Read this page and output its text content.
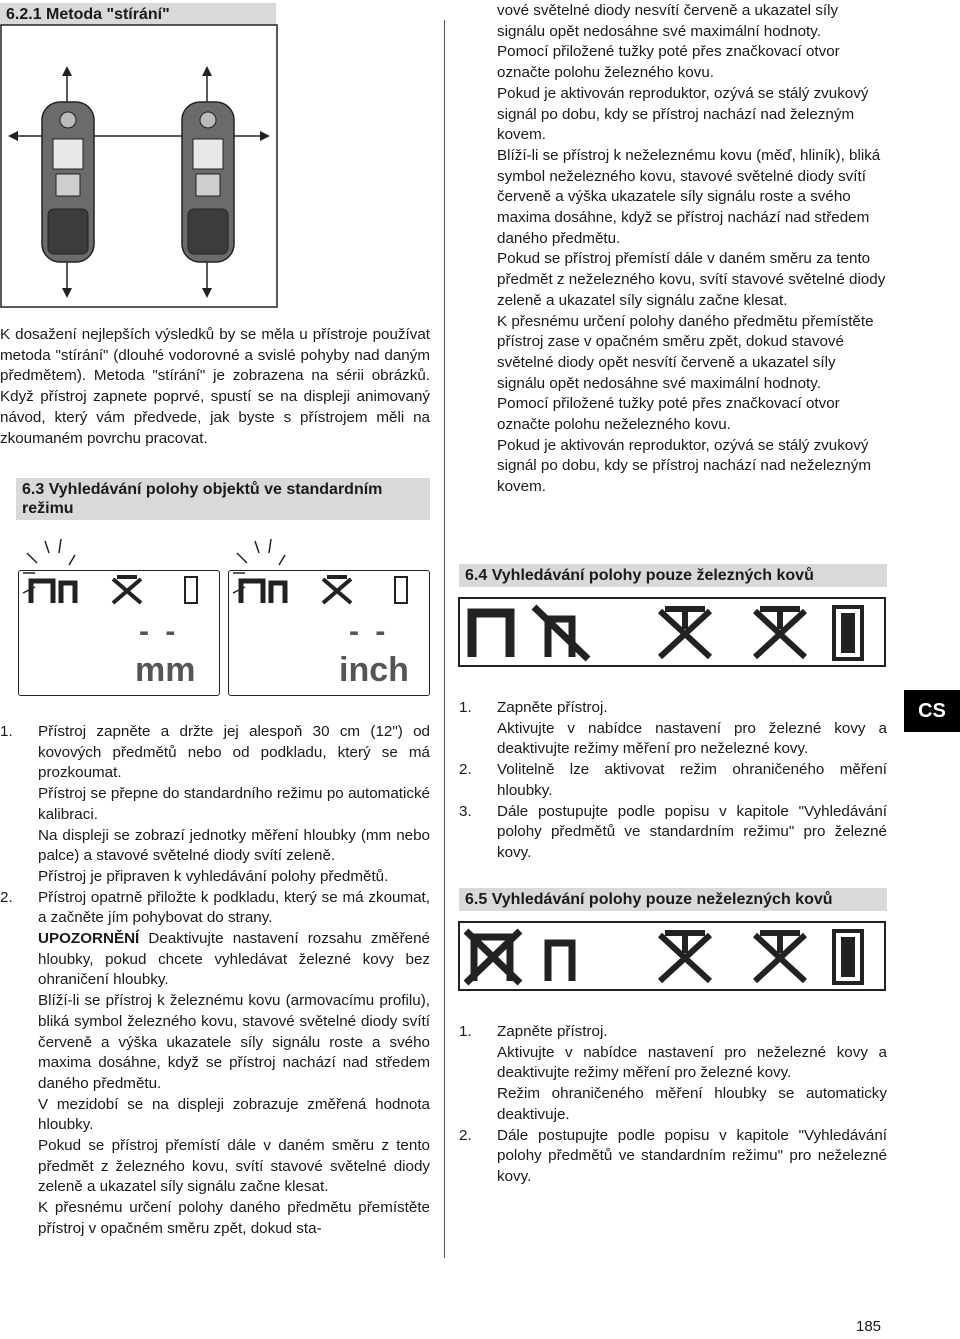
6.2.1 Metoda "stírání"

K dosažení nejlepších výsledků by se měla u přístroje používat metoda "stírání" (dlouhé vodorovné a svislé pohyby nad daným předmětem). Metoda "stírání" je zobrazena na sérii obrázků. Když přístroj zapnete poprvé, spustí se na displeji animovaný návod, který vám předvede, jak byste s přístrojem měli na zkoumaném povrchu pracovat.

6.3 Vyhledávání polohy objektů ve standardním režimu
- -
mm
- -
inch
1.	Přístroj zapněte a držte jej alespoň 30 cm (12") od kovových předmětů nebo od podkladu, který se má prozkoumat.

Přístroj se přepne do standardního režimu po automatické kalibraci.

Na displeji se zobrazí jednotky měření hloubky (mm nebo palce) a stavové světelné diody svítí zeleně.

Přístroj je připraven k vyhledávání polohy předmětů.

2.	Přístroj opatrně přiložte k podkladu, který se má zkoumat, a začněte jím pohybovat do strany.

UPOZORNĚNÍ Deaktivujte nastavení rozsahu změřené hloubky, pokud chcete vyhledávat železné kovy bez ohraničení hloubky.

Blíží-li se přístroj k železnému kovu (armovacímu profilu), bliká symbol železného kovu, stavové světelné diody svítí červeně a výška ukazatele síly signálu roste a svého maxima dosáhne, když se přístroj nachází nad středem daného předmětu.

V mezidobí se na displeji zobrazuje změřená hodnota hloubky.

Pokud se přístroj přemístí dále v daném směru z tento předmět z železného kovu, svítí stavové světelné diody zeleně a ukazatel síly signálu začne klesat.

K přesnému určení polohy daného předmětu přemístěte přístroj v opačném směru zpět, dokud sta-

vové světelné diody nesvítí červeně a ukazatel síly signálu opět nedosáhne své maximální hodnoty.

Pomocí přiložené tužky poté přes značkovací otvor označte polohu železného kovu.

Pokud je aktivován reproduktor, ozývá se stálý zvukový signál po dobu, kdy se přístroj nachází nad železným kovem.

Blíží-li se přístroj k neželeznému kovu (měď, hliník), bliká symbol neželezného kovu, stavové světelné diody svítí červeně a výška ukazatele síly signálu roste a svého maxima dosáhne, když se přístroj nachází nad středem daného předmětu.

Pokud se přístroj přemístí dále v daném směru za tento předmět z neželezného kovu, svítí stavové světelné diody zeleně a ukazatel síly signálu začne klesat.

K přesnému určení polohy daného předmětu přemístěte přístroj zase v opačném směru zpět, dokud stavové světelné diody opět nesvítí červeně a ukazatel síly signálu opět nedosáhne své maximální hodnoty.

Pomocí přiložené tužky poté přes značkovací otvor označte polohu neželezného kovu.

Pokud je aktivován reproduktor, ozývá se stálý zvukový signál po dobu, kdy se přístroj nachází nad neželezným kovem.

6.4 Vyhledávání polohy pouze železných kovů
1.	Zapněte přístroj.

Aktivujte v nabídce nastavení pro železné kovy a deaktivujte režimy měření pro neželezné kovy.

2.	Volitelně lze aktivovat režim ohraničeného měření hloubky.

3.	Dále postupujte podle popisu v kapitole "Vyhledávání polohy předmětů ve standardním režimu" pro železné kovy.

6.5 Vyhledávání polohy pouze neželezných kovů
1.	Zapněte přístroj.

Aktivujte v nabídce nastavení pro neželezné kovy a deaktivujte režimy měření pro železné kovy.

Režim ohraničeného měření hloubky se automaticky deaktivuje.

2.	Dále postupujte podle popisu v kapitole "Vyhledávání polohy předmětů ve standardním režimu" pro neželezné kovy.

CS
185
